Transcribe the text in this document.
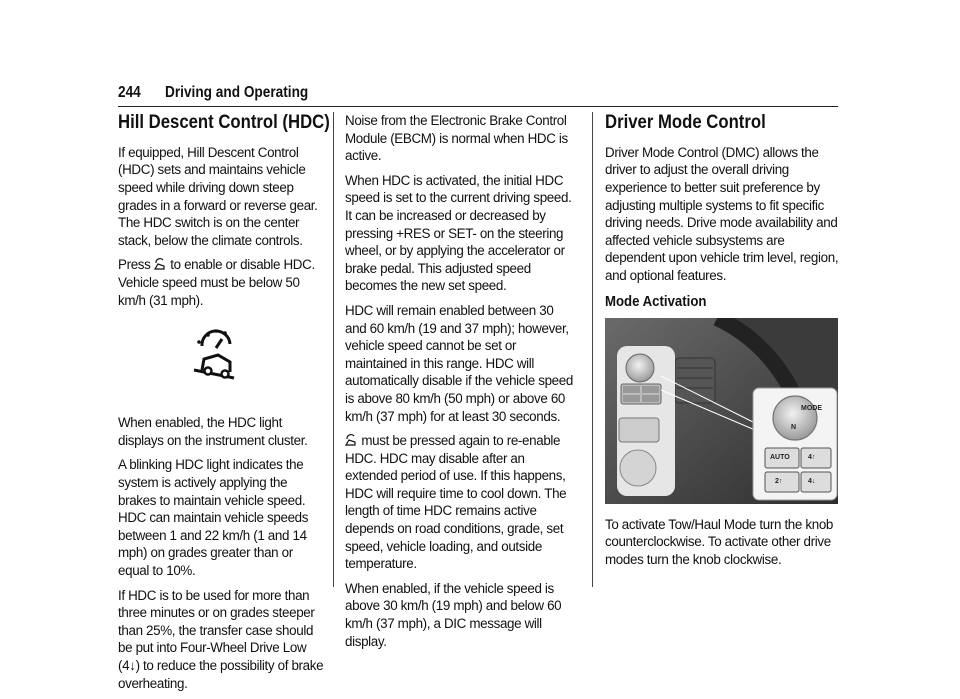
244 Driving and Operating
Hill Descent Control (HDC)

If equipped, Hill Descent Control (HDC) sets and maintains vehicle speed while driving down steep grades in a forward or reverse gear. The HDC switch is on the center stack, below the climate controls.

Press to enable or disable HDC. Vehicle speed must be below 50 km/h (31 mph).

When enabled, the HDC light displays on the instrument cluster.

A blinking HDC light indicates the system is actively applying the brakes to maintain vehicle speed. HDC can maintain vehicle speeds between 1 and 22 km/h (1 and 14 mph) on grades greater than or equal to 10%.

If HDC is to be used for more than three minutes or on grades steeper than 25%, the transfer case should be put into Four-Wheel Drive Low (4↓) to reduce the possibility of brake overheating.

Noise from the Electronic Brake Control Module (EBCM) is normal when HDC is active.

When HDC is activated, the initial HDC speed is set to the current driving speed. It can be increased or decreased by pressing +RES or SET- on the steering wheel, or by applying the accelerator or brake pedal. This adjusted speed becomes the new set speed.

HDC will remain enabled between 30 and 60 km/h (19 and 37 mph); however, vehicle speed cannot be set or maintained in this range. HDC will automatically disable if the vehicle speed is above 80 km/h (50 mph) or above 60 km/h (37 mph) for at least 30 seconds.

must be pressed again to re-enable HDC. HDC may disable after an extended period of use. If this happens, HDC will require time to cool down. The length of time HDC remains active depends on road conditions, grade, set speed, vehicle loading, and outside temperature.

When enabled, if the vehicle speed is above 30 km/h (19 mph) and below 60 km/h (37 mph), a DIC message will display.

Driver Mode Control

Driver Mode Control (DMC) allows the driver to adjust the overall driving experience to better suit preference by adjusting multiple systems to fit specific driving needs. Drive mode availability and affected vehicle subsystems are dependent upon vehicle trim level, region, and optional features.

Mode Activation
MODE
N
AUTO	4↑
2↑	4↓

To activate Tow/Haul Mode turn the knob counterclockwise. To activate other drive modes turn the knob clockwise.
